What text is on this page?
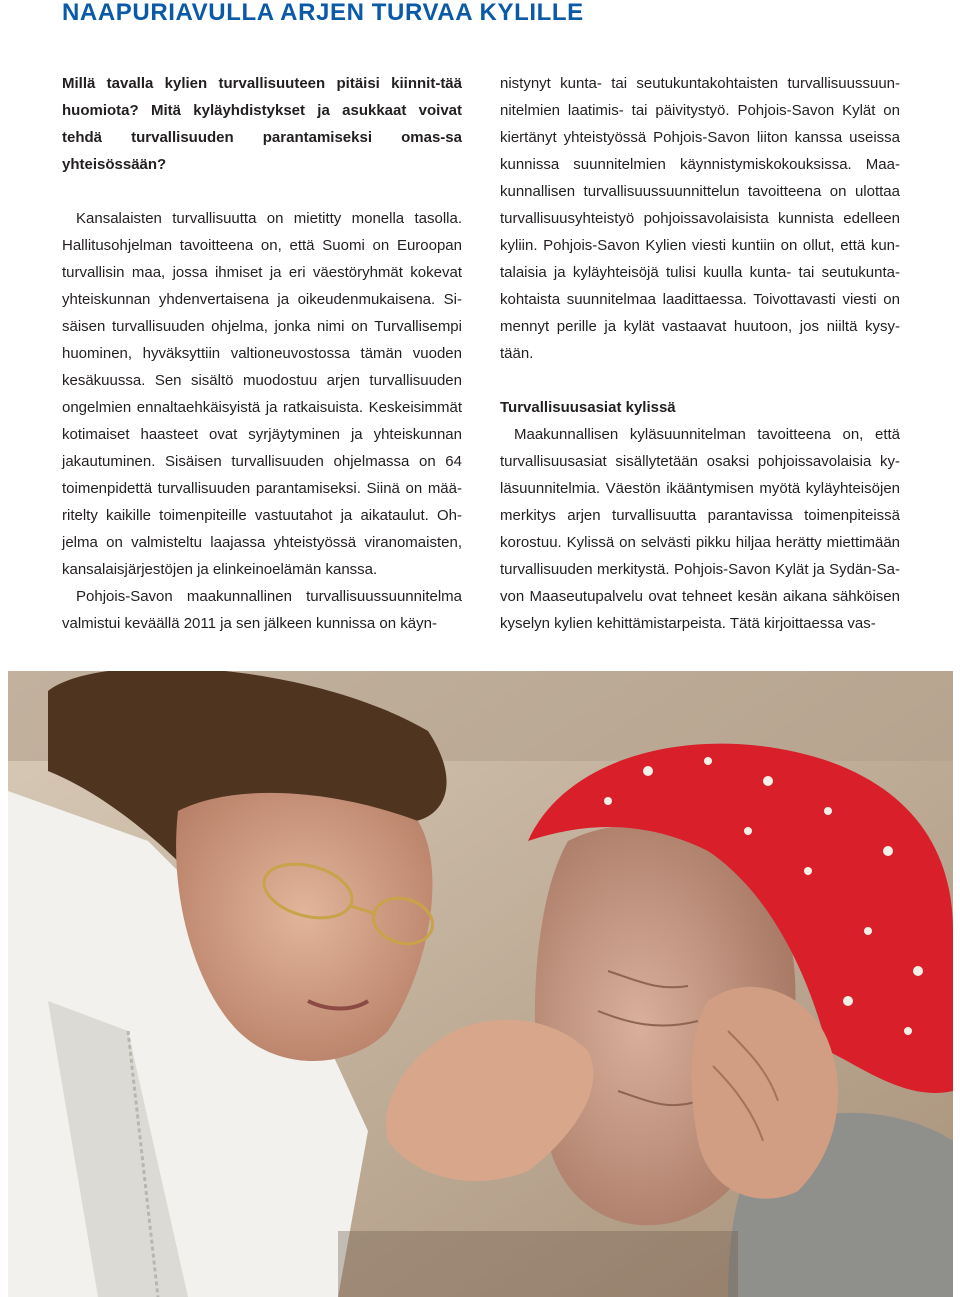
NAAPURIAVULLA ARJEN TURVAA KYLILLE

Millä tavalla kylien turvallisuuteen pitäisi kiinnit-tää huomiota? Mitä kyläyhdistykset ja asukkaat voivat tehdä turvallisuuden parantamiseksi omas-sa yhteisössään?

Kansalaisten turvallisuutta on mietitty monella tasolla. Hallitusohjelman tavoitteena on, että Suomi on Euroopan turvallisin maa, jossa ihmiset ja eri väestöryhmät kokevat yhteiskunnan yhdenvertaisena ja oikeudenmukaisena. Si-säisen turvallisuuden ohjelma, jonka nimi on Turvallisempi huominen, hyväksyttiin valtioneuvostossa tämän vuoden kesäkuussa. Sen sisältö muodostuu arjen turvallisuuden ongelmien ennaltaehkäisyistä ja ratkaisuista. Keskeisimmät kotimaiset haasteet ovat syrjäytyminen ja yhteiskunnan jakautuminen. Sisäisen turvallisuuden ohjelmassa on 64 toimenpidettä turvallisuuden parantamiseksi. Siinä on mää-ritelty kaikille toimenpiteille vastuutahot ja aikataulut. Oh-jelma on valmisteltu laajassa yhteistyössä viranomaisten, kansalaisjärjestöjen ja elinkeinoelämän kanssa.

Pohjois-Savon maakunnallinen turvallisuussuunnitelma valmistui keväällä 2011 ja sen jälkeen kunnissa on käyn-

nistynyt kunta- tai seutukuntakohtaisten turvallisuussuun-nitelmien laatimis- tai päivitystyö. Pohjois-Savon Kylät on kiertänyt yhteistyössä Pohjois-Savon liiton kanssa useissa kunnissa suunnitelmien käynnistymiskokouksissa. Maa-kunnallisen turvallisuussuunnittelun tavoitteena on ulottaa turvallisuusyhteistyö pohjoissavolaisista kunnista edelleen kyliin. Pohjois-Savon Kylien viesti kuntiin on ollut, että kun-talaisia ja kyläyhteisöjä tulisi kuulla kunta- tai seutukunta-kohtaista suunnitelmaa laadittaessa. Toivottavasti viesti on mennyt perille ja kylät vastaavat huutoon, jos niiltä kysy-tään.

Turvallisuusasiat kylissä

Maakunnallisen kyläsuunnitelman tavoitteena on, että turvallisuusasiat sisällytetään osaksi pohjoissavolaisia ky-läsuunnitelmia. Väestön ikääntymisen myötä kyläyhteisöjen merkitys arjen turvallisuutta parantavissa toimenpiteissä korostuu. Kylissä on selvästi pikku hiljaa herätty miettimään turvallisuuden merkitystä. Pohjois-Savon Kylät ja Sydän-Sa-von Maaseutupalvelu ovat tehneet kesän aikana sähköisen kyselyn kylien kehittämistarpeista. Tätä kirjoittaessa vas-
